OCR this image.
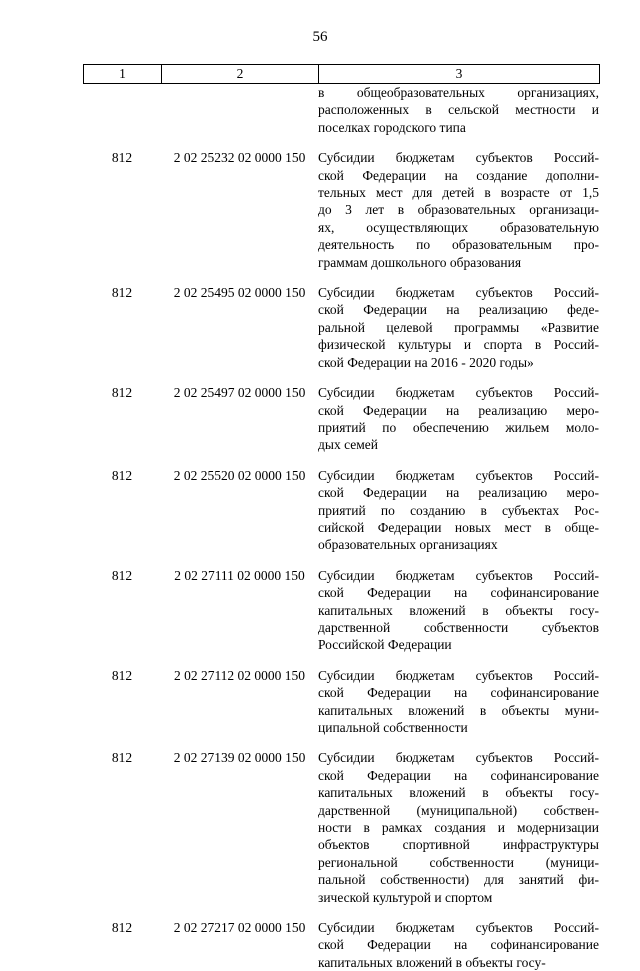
56
1	2	3
в общеобразовательных организациях,
расположенных в сельской местности и
поселках городского типа
812	2 02 25232 02 0000 150 Субсидии бюджетам субъектов Россий-
ской Федерации на создание дополни-
тельных мест для детей в возрасте от 1,5
до 3 лет в образовательных организаци-
ях, осуществляющих образовательную
деятельность по образовательным про-
граммам дошкольного образования
812	2 02 25495 02 0000 150 Субсидии бюджетам субъектов Россий-
ской Федерации на реализацию феде-
ральной целевой программы «Развитие
физической культуры и спорта в Россий-
ской Федерации на 2016 - 2020 годы»
812	2 02 25497 02 0000 150 Субсидии бюджетам субъектов Россий-
ской Федерации на реализацию меро-
приятий по обеспечению жильем моло-
дых семей
812	2 02 25520 02 0000 150 Субсидии бюджетам субъектов Россий-
ской Федерации на реализацию меро-
приятий по созданию в субъектах Рос-
сийской Федерации новых мест в обще-
образовательных организациях
812	2 02 27111 02 0000 150 Субсидии бюджетам субъектов Россий-
ской Федерации на софинансирование
капитальных вложений в объекты госу-
дарственной собственности субъектов
Российской Федерации
812	2 02 27112 02 0000 150 Субсидии бюджетам субъектов Россий-
ской Федерации на софинансирование
капитальных вложений в объекты муни-
ципальной собственности
812	2 02 27139 02 0000 150 Субсидии бюджетам субъектов Россий-
ской Федерации на софинансирование
капитальных вложений в объекты госу-
дарственной (муниципальной) собствен-
ности в рамках создания и модернизации
объектов спортивной инфраструктуры
региональной собственности (муници-
пальной собственности) для занятий фи-
зической культурой и спортом
812	2 02 27217 02 0000 150 Субсидии бюджетам субъектов Россий-
ской Федерации на софинансирование
капитальных вложений в объекты госу-
